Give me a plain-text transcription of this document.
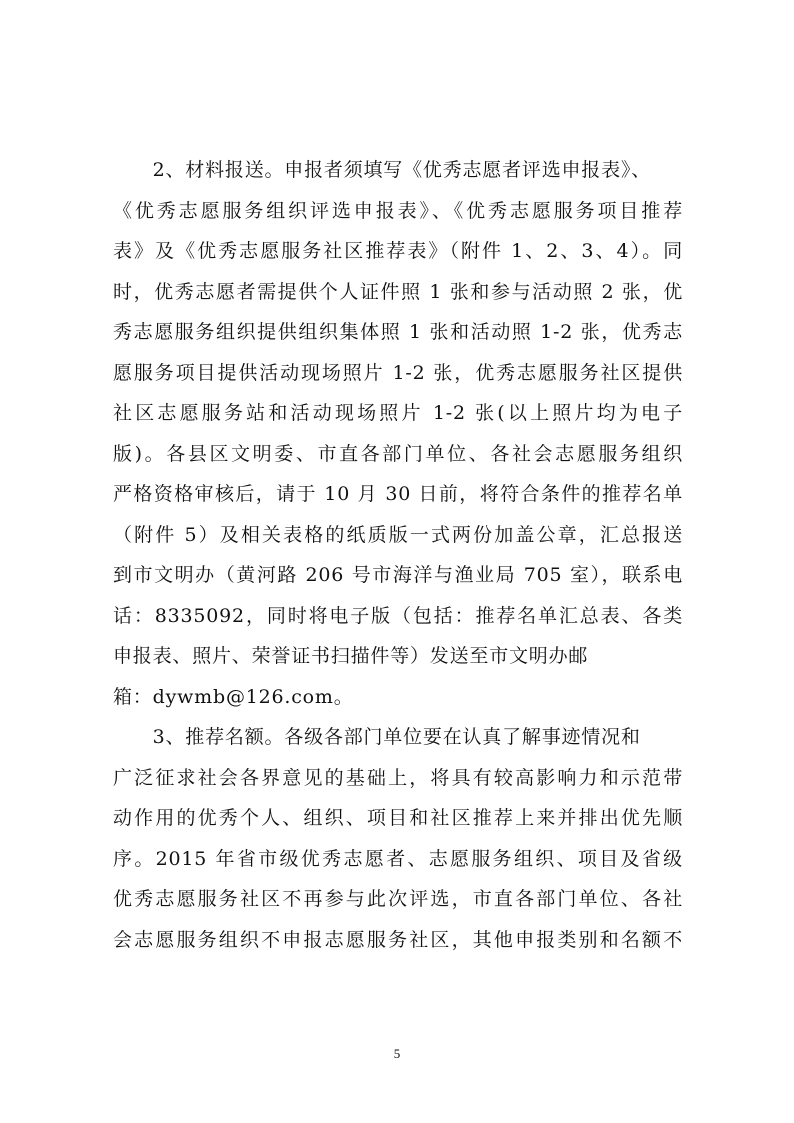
　　2、材料报送。申报者须填写《优秀志愿者评选申报表》、
《优秀志愿服务组织评选申报表》、《优秀志愿服务项目推荐
表》及《优秀志愿服务社区推荐表》（附件 1、2、3、4）。同
时，优秀志愿者需提供个人证件照 1 张和参与活动照 2 张，优
秀志愿服务组织提供组织集体照 1 张和活动照 1-2 张，优秀志
愿服务项目提供活动现场照片 1-2 张，优秀志愿服务社区提供
社区志愿服务站和活动现场照片 1-2 张(以上照片均为电子
版)。各县区文明委、市直各部门单位、各社会志愿服务组织
严格资格审核后，请于 10 月 30 日前，将符合条件的推荐名单
（附件 5）及相关表格的纸质版一式两份加盖公章，汇总报送
到市文明办（黄河路 206 号市海洋与渔业局 705 室），联系电
话：8335092，同时将电子版（包括：推荐名单汇总表、各类
申报表、照片、荣誉证书扫描件等）发送至市文明办邮
箱：dywmb@126.com。
　　3、推荐名额。各级各部门单位要在认真了解事迹情况和
广泛征求社会各界意见的基础上，将具有较高影响力和示范带
动作用的优秀个人、组织、项目和社区推荐上来并排出优先顺
序。2015 年省市级优秀志愿者、志愿服务组织、项目及省级
优秀志愿服务社区不再参与此次评选，市直各部门单位、各社
会志愿服务组织不申报志愿服务社区，其他申报类别和名额不
5
